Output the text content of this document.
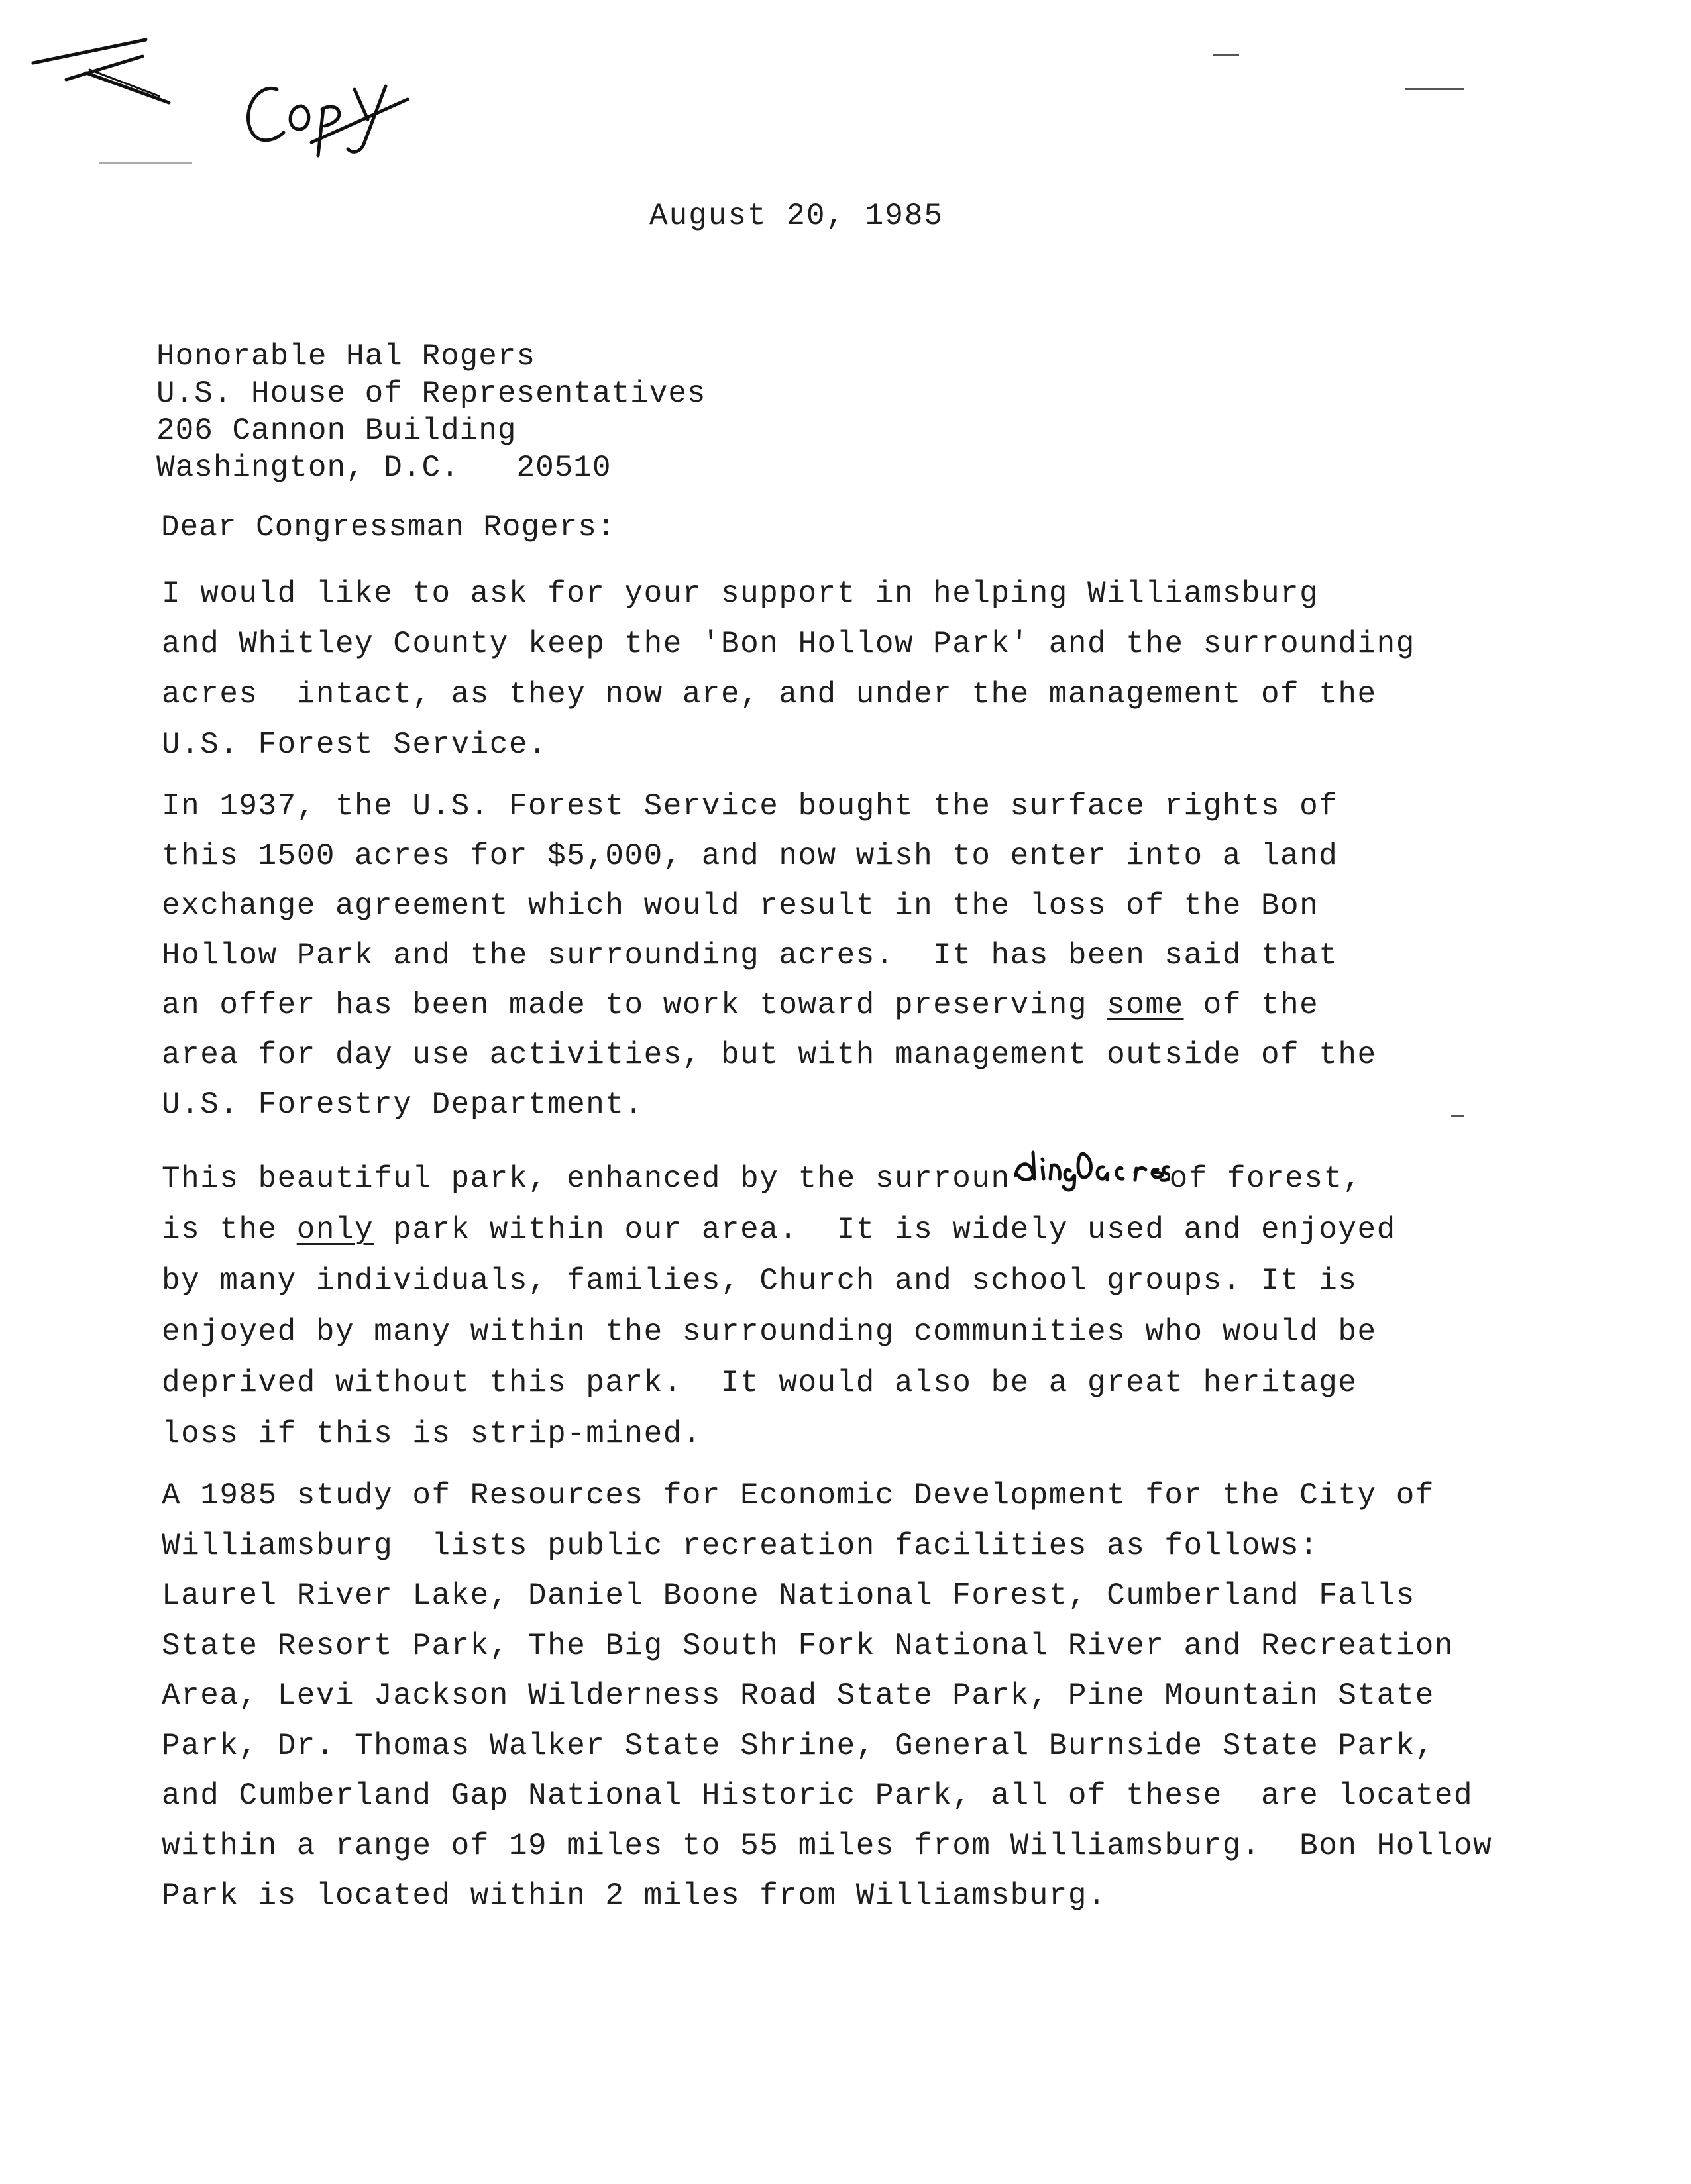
August 20, 1985
Honorable Hal Rogers
U.S. House of Representatives
206 Cannon Building
Washington, D.C.   20510
Dear Congressman Rogers:
I would like to ask for your support in helping Williamsburg
and Whitley County keep the 'Bon Hollow Park' and the surrounding
acres  intact, as they now are, and under the management of the
U.S. Forest Service.
In 1937, the U.S. Forest Service bought the surface rights of
this 1500 acres for $5,000, and now wish to enter into a land
exchange agreement which would result in the loss of the Bon
Hollow Park and the surrounding acres.  It has been said that
an offer has been made to work toward preserving some of the
area for day use activities, but with management outside of the
U.S. Forestry Department.
This beautiful park, enhanced by the surroun	of forest,
is the only park within our area.  It is widely used and enjoyed
by many individuals, families, Church and school groups. It is
enjoyed by many within the surrounding communities who would be
deprived without this park.  It would also be a great heritage
loss if this is strip-mined.
A 1985 study of Resources for Economic Development for the City of
Williamsburg  lists public recreation facilities as follows:
Laurel River Lake, Daniel Boone National Forest, Cumberland Falls
State Resort Park, The Big South Fork National River and Recreation
Area, Levi Jackson Wilderness Road State Park, Pine Mountain State
Park, Dr. Thomas Walker State Shrine, General Burnside State Park,
and Cumberland Gap National Historic Park, all of these  are located
within a range of 19 miles to 55 miles from Williamsburg.  Bon Hollow
Park is located within 2 miles from Williamsburg.
